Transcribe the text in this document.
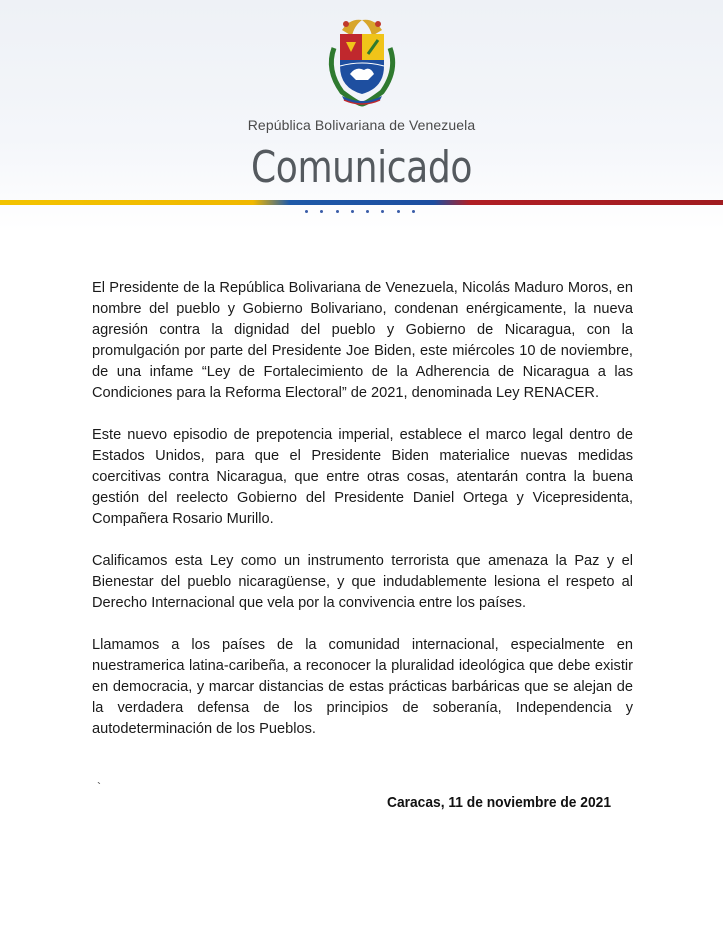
República Bolivariana de Venezuela
Comunicado

El Presidente de la República Bolivariana de Venezuela, Nicolás Maduro Moros, en nombre del pueblo y Gobierno Bolivariano, condenan enérgicamente, la nueva agresión contra la dignidad del pueblo y Gobierno de Nicaragua, con la promulgación por parte del Presidente Joe Biden, este miércoles 10 de noviembre, de una infame “Ley de Fortalecimiento de la Adherencia de Nicaragua a las Condiciones para la Reforma Electoral” de 2021, denominada Ley RENACER.

Este nuevo episodio de prepotencia imperial, establece el marco legal dentro de Estados Unidos, para que el Presidente Biden materialice nuevas medidas coercitivas contra Nicaragua, que entre otras cosas, atentarán contra la buena gestión del reelecto Gobierno del Presidente Daniel Ortega y Vicepresidenta, Compañera Rosario Murillo.

Calificamos esta Ley como un instrumento terrorista que amenaza la Paz y el Bienestar del pueblo nicaragüense, y que indudablemente lesiona el respeto al Derecho Internacional que vela por la convivencia entre los países.

Llamamos a los países de la comunidad internacional, especialmente en nuestramerica latina-caribeña, a reconocer la pluralidad ideológica que debe existir en democracia, y marcar distancias de estas prácticas barbáricas que se alejan de la verdadera defensa de los principios de soberanía, Independencia y autodeterminación de los Pueblos.

`
Caracas, 11 de noviembre de 2021
